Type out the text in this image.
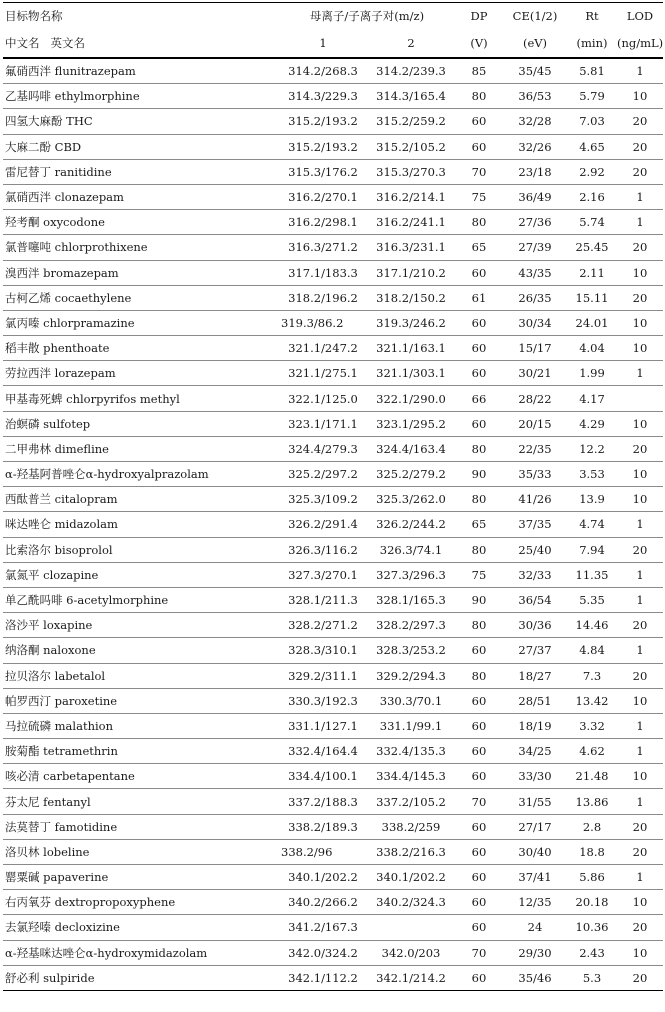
目标物名称	母离子/子离子对(m/z)		DP	CE(1/2)	Rt	LOD
中文名   英文名	1	2	(V)	(eV)	(min)	(ng/mL)
氟硝西泮 flunitrazepam	314.2/268.3	314.2/239.3	85	35/45	5.81	1
乙基吗啡 ethylmorphine	314.3/229.3	314.3/165.4	80	36/53	5.79	10
四氢大麻酚 THC	315.2/193.2	315.2/259.2	60	32/28	7.03	20
大麻二酚 CBD	315.2/193.2	315.2/105.2	60	32/26	4.65	20
雷尼替丁 ranitidine	315.3/176.2	315.3/270.3	70	23/18	2.92	20
氯硝西泮 clonazepam	316.2/270.1	316.2/214.1	75	36/49	2.16	1
羟考酮 oxycodone	316.2/298.1	316.2/241.1	80	27/36	5.74	1
氯普噻吨 chlorprothixene	316.3/271.2	316.3/231.1	65	27/39	25.45	20
溴西泮 bromazepam	317.1/183.3	317.1/210.2	60	43/35	2.11	10
古柯乙烯 cocaethylene	318.2/196.2	318.2/150.2	61	26/35	15.11	20
氯丙嗪 chlorpramazine	319.3/86.2	319.3/246.2	60	30/34	24.01	10
稻丰散 phenthoate	321.1/247.2	321.1/163.1	60	15/17	4.04	10
劳拉西泮 lorazepam	321.1/275.1	321.1/303.1	60	30/21	1.99	1
甲基毒死蜱 chlorpyrifos methyl	322.1/125.0	322.1/290.0	66	28/22	4.17	
治螟磷 sulfotep	323.1/171.1	323.1/295.2	60	20/15	4.29	10
二甲弗林 dimefline	324.4/279.3	324.4/163.4	80	22/35	12.2	20
α-羟基阿普唑仑α-hydroxyalprazolam	325.2/297.2	325.2/279.2	90	35/33	3.53	10
西酞普兰 citalopram	325.3/109.2	325.3/262.0	80	41/26	13.9	10
咪达唑仑 midazolam	326.2/291.4	326.2/244.2	65	37/35	4.74	1
比索洛尔 bisoprolol	326.3/116.2	326.3/74.1	80	25/40	7.94	20
氯氮平 clozapine	327.3/270.1	327.3/296.3	75	32/33	11.35	1
单乙酰吗啡 6-acetylmorphine	328.1/211.3	328.1/165.3	90	36/54	5.35	1
洛沙平 loxapine	328.2/271.2	328.2/297.3	80	30/36	14.46	20
纳洛酮 naloxone	328.3/310.1	328.3/253.2	60	27/37	4.84	1
拉贝洛尔 labetalol	329.2/311.1	329.2/294.3	80	18/27	7.3	20
帕罗西汀 paroxetine	330.3/192.3	330.3/70.1	60	28/51	13.42	10
马拉硫磷 malathion	331.1/127.1	331.1/99.1	60	18/19	3.32	1
胺菊酯 tetramethrin	332.4/164.4	332.4/135.3	60	34/25	4.62	1
咳必清 carbetapentane	334.4/100.1	334.4/145.3	60	33/30	21.48	10
芬太尼 fentanyl	337.2/188.3	337.2/105.2	70	31/55	13.86	1
法莫替丁 famotidine	338.2/189.3	338.2/259	60	27/17	2.8	20
洛贝林 lobeline	338.2/96	338.2/216.3	60	30/40	18.8	20
罂粟碱 papaverine	340.1/202.2	340.1/202.2	60	37/41	5.86	1
右丙氧芬 dextropropoxyphene	340.2/266.2	340.2/324.3	60	12/35	20.18	10
去氯羟嗪 decloxizine	341.2/167.3		60	24	10.36	20
α-羟基咪达唑仑α-hydroxymidazolam	342.0/324.2	342.0/203	70	29/30	2.43	10
舒必利 sulpiride	342.1/112.2	342.1/214.2	60	35/46	5.3	20
